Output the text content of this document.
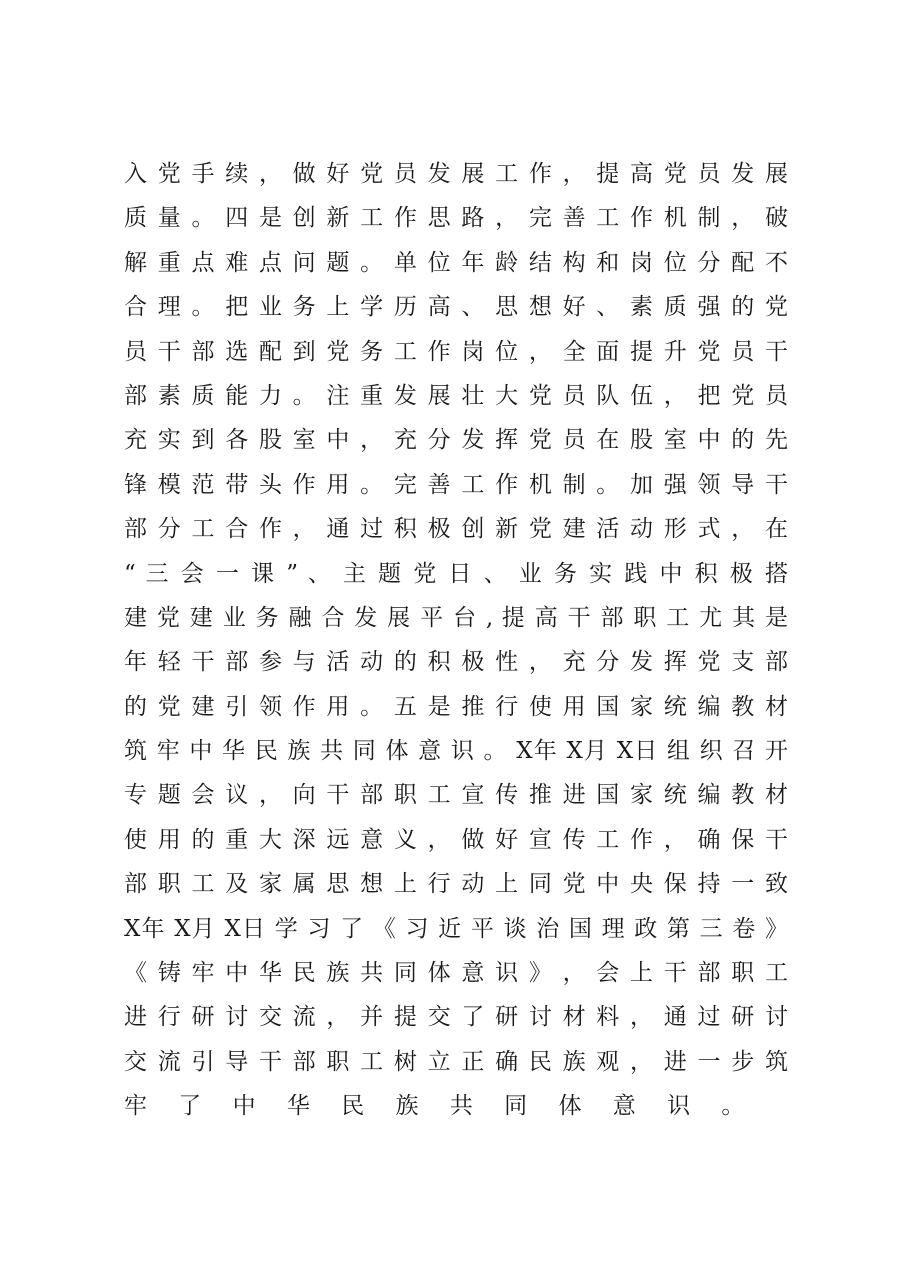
入 党 手 续 ， 做 好 党 员 发 展 工 作 ， 提 高 党 员 发 展
质 量 。 四 是 创 新 工 作 思 路 ， 完 善 工 作 机 制 ， 破
解 重 点 难 点 问 题 。 单 位 年 龄 结 构 和 岗 位 分 配 不
合 理 。 把 业 务 上 学 历 高 、 思 想 好 、 素 质 强 的 党
员 干 部 选 配 到 党 务 工 作 岗 位 ， 全 面 提 升 党 员 干
部 素 质 能 力 。 注 重 发 展 壮 大 党 员 队 伍 ， 把 党 员
充 实 到 各 股 室 中 ， 充 分 发 挥 党 员 在 股 室 中 的 先
锋 模 范 带 头 作 用 。 完 善 工 作 机 制 。 加 强 领 导 干
部 分 工 合 作 ， 通 过 积 极 创 新 党 建 活 动 形 式 ， 在
“ 三 会 一 课 ” 、 主 题 党 日 、 业 务 实 践 中 积 极 搭
建 党 建 业 务 融 合 发 展 平 台 , 提 高 干 部 职 工 尤 其 是
年 轻 干 部 参 与 活 动 的 积 极 性 ， 充 分 发 挥 党 支 部
的 党 建 引 领 作 用 。 五 是 推 行 使 用 国 家 统 编 教 材
筑 牢 中 华 民 族 共 同 体 意 识 。 X年 X月 X日 组 织 召 开
专 题 会 议 ， 向 干 部 职 工 宣 传 推 进 国 家 统 编 教 材
使 用 的 重 大 深 远 意 义 ， 做 好 宣 传 工 作 ， 确 保 干
部 职 工 及 家 属 思 想 上 行 动 上 同 党 中 央 保 持 一 致
X年 X月 X日 学 习 了 《 习 近 平 谈 治 国 理 政 第 三 卷 》
《 铸 牢 中 华 民 族 共 同 体 意 识 》 ， 会 上 干 部 职 工
进 行 研 讨 交 流 ， 并 提 交 了 研 讨 材 料 ， 通 过 研 讨
交 流 引 导 干 部 职 工 树 立 正 确 民 族 观 ， 进 一 步 筑
牢 了 中 华 民 族 共 同 体 意 识 。
